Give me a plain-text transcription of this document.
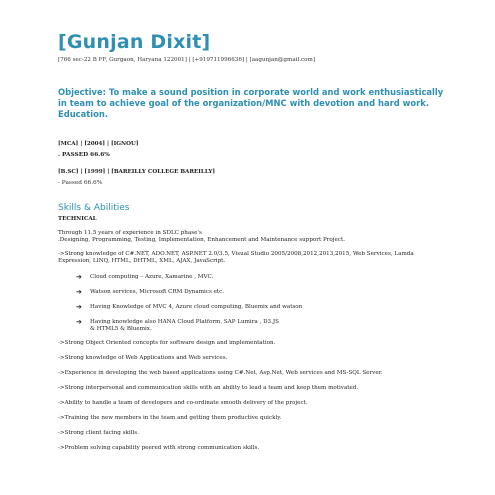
[Gunjan Dixit]
[766 sec-22 B FF, Gurgaon, Haryana 122001] | [+919711996636] | [aagunjan@gmail.com]
Objective: To make a sound position in corporate world and work enthusiastically in team to achieve goal of the organization/MNC with devotion and hard work. Education.
[MCA] | [2004] | [IGNOU]
. PASSED 66.6%
[B.SC] | [1999] | [BAREILLY COLLEGE BAREILLY]
- Passed 66.6%
Skills & Abilities
TECHNICAL
Through 11.5 years of experience in SDLC phase's
.Designing, Programming, Testing, Implementation, Enhancement and Maintenance support Project.
->Strong knowledge of C#.NET, ADO.NET, ASP.NET 2.0/3.5, Visual Studio 2005/2008,2012,2013,2015, Web Services, Lamda Expression, LINQ, HTML, DHTML, XML, AJAX, JavaScript.
➔	Cloud computing – Azure, Xamarine , MVC.
➔	Watson services, Microsoft CRM Dynamics etc.
➔	Having Knowledge of MVC 4, Azure cloud computing, Bluemix and watson
➔	Having knowledge also HANA Cloud Platform, SAP Lumira , D3.JS
& HTML5 & Bluemix.
->Strong Object Oriented concepts for software design and implementation.
->Strong knowledge of Web Applications and Web services.
->Experience in developing the web based applications using C#.Net, Asp.Net, Web services and MS-SQL Server.
->Strong interpersonal and communication skills with an ability to lead a team and keep them motivated.
->Ability to handle a team of developers and co-ordinate smooth delivery of the project.
->Training the new members in the team and getting them productive quickly.
->Strong client facing skills.
->Problem solving capability peered with strong communication skills.
